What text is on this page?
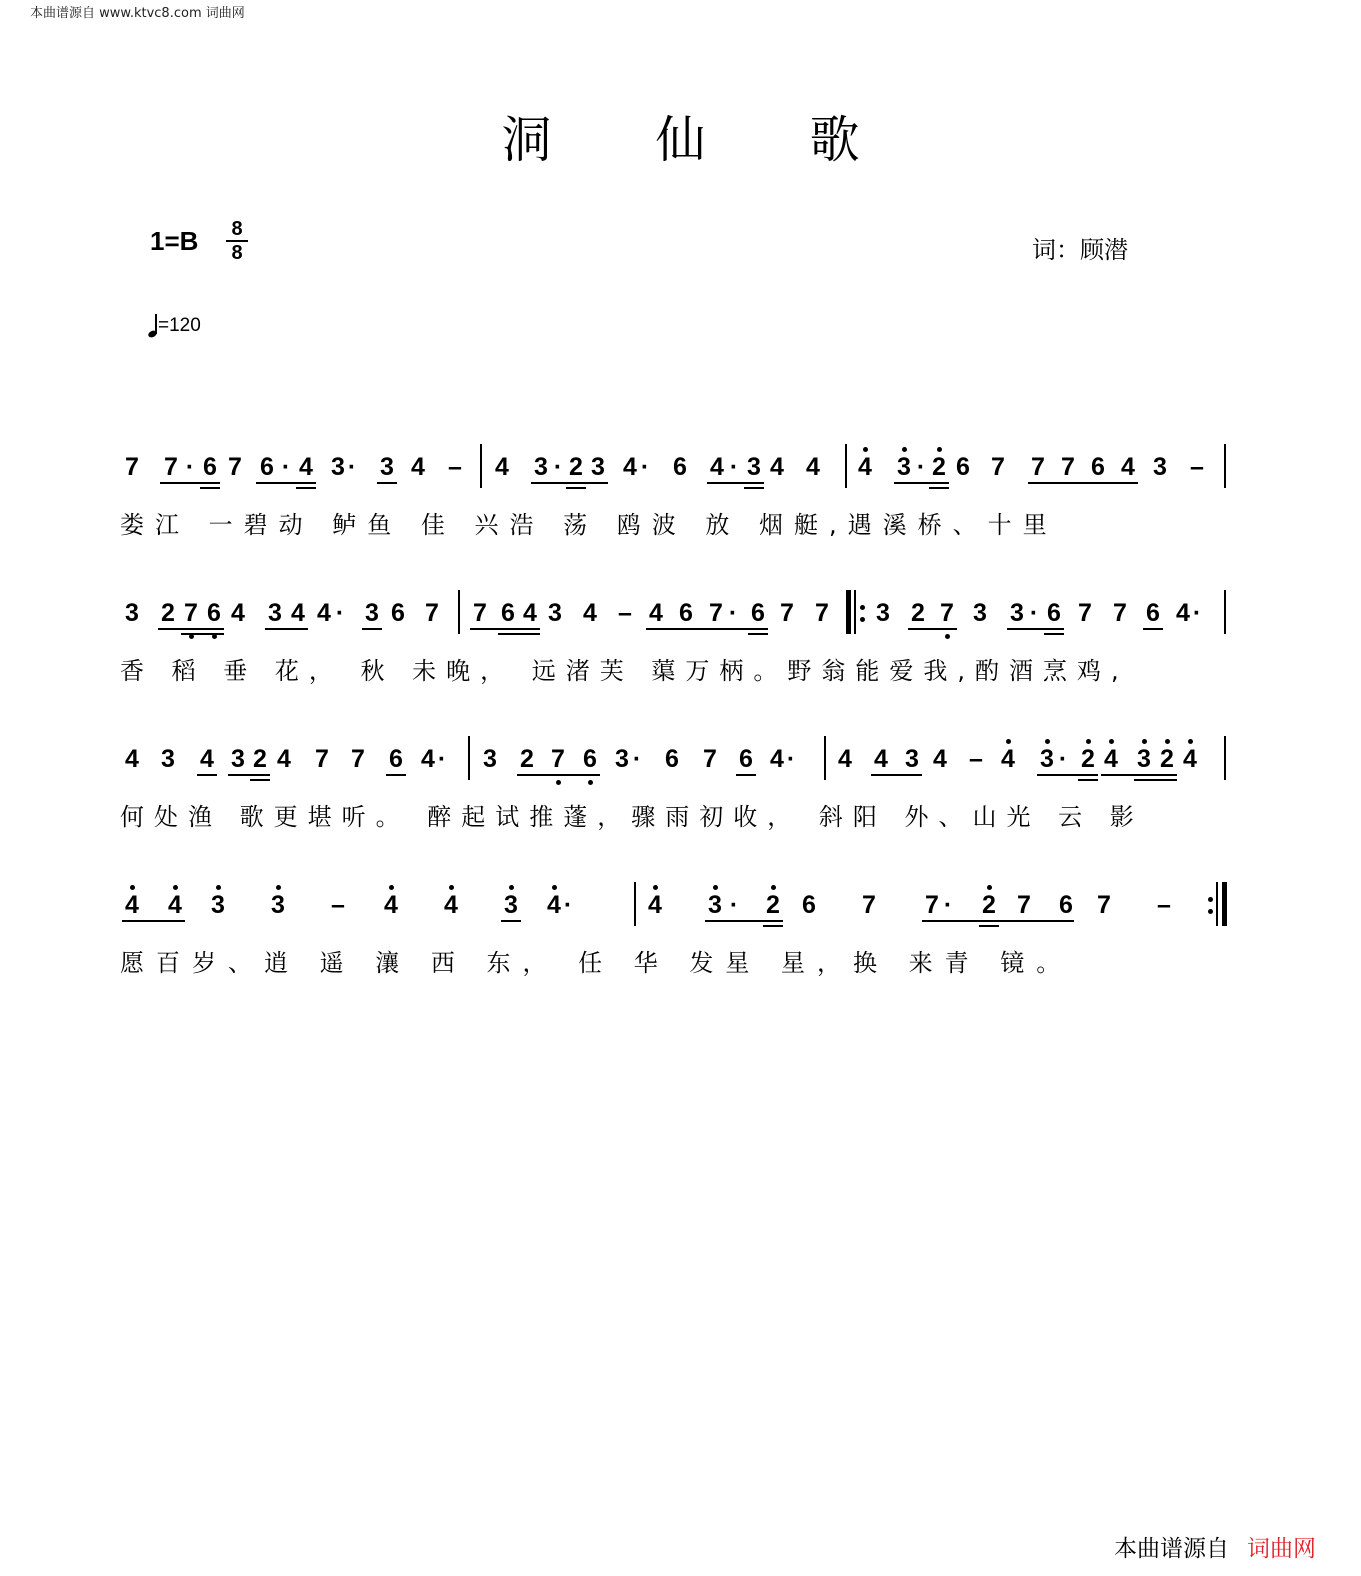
本曲谱源自 www.ktvc8.com 词曲网
洞仙歌
1=B 8
8	词：顾潜
=120
7 7 · 6 7 6 · 4 3 · 3 4 – 4 3 · 2 3 4 · 6 4 · 3 4 4 4 3 · 2 6 7 7 7 6 4 3 –
娄江 一碧动 鲈鱼 佳 兴浩 荡 鸥波 放 烟艇,遇溪桥、十里
3 2 7 6 4 3 4 4 · 3 6 7 7 6 4 3 4 – 4 6 7 · 6 7 7 3 2 7 3 3 · 6 7 7 6 4 ·
香 稻 垂 花， 秋 未晚， 远渚芙 蕖万柄。野翁能爱我,酌酒烹鸡,
4 3 4 3 2 4 7 7 6 4 · 3 2 7 6 3 · 6 7 6 4 · 4 4 3 4 – 4 3 · 2 4 3 2 4
何处渔 歌更堪听。 醉起试推蓬，骤雨初收， 斜阳 外、山光 云 影
4 4 3 3 – 4 4 3 4 ·	4 3 · 2 6 7 7 · 2 7 6 7 –
愿百岁、逍 遥 瀼 西 东， 任 华 发星 星，换 来青 镜。
本曲谱源自 词曲网
